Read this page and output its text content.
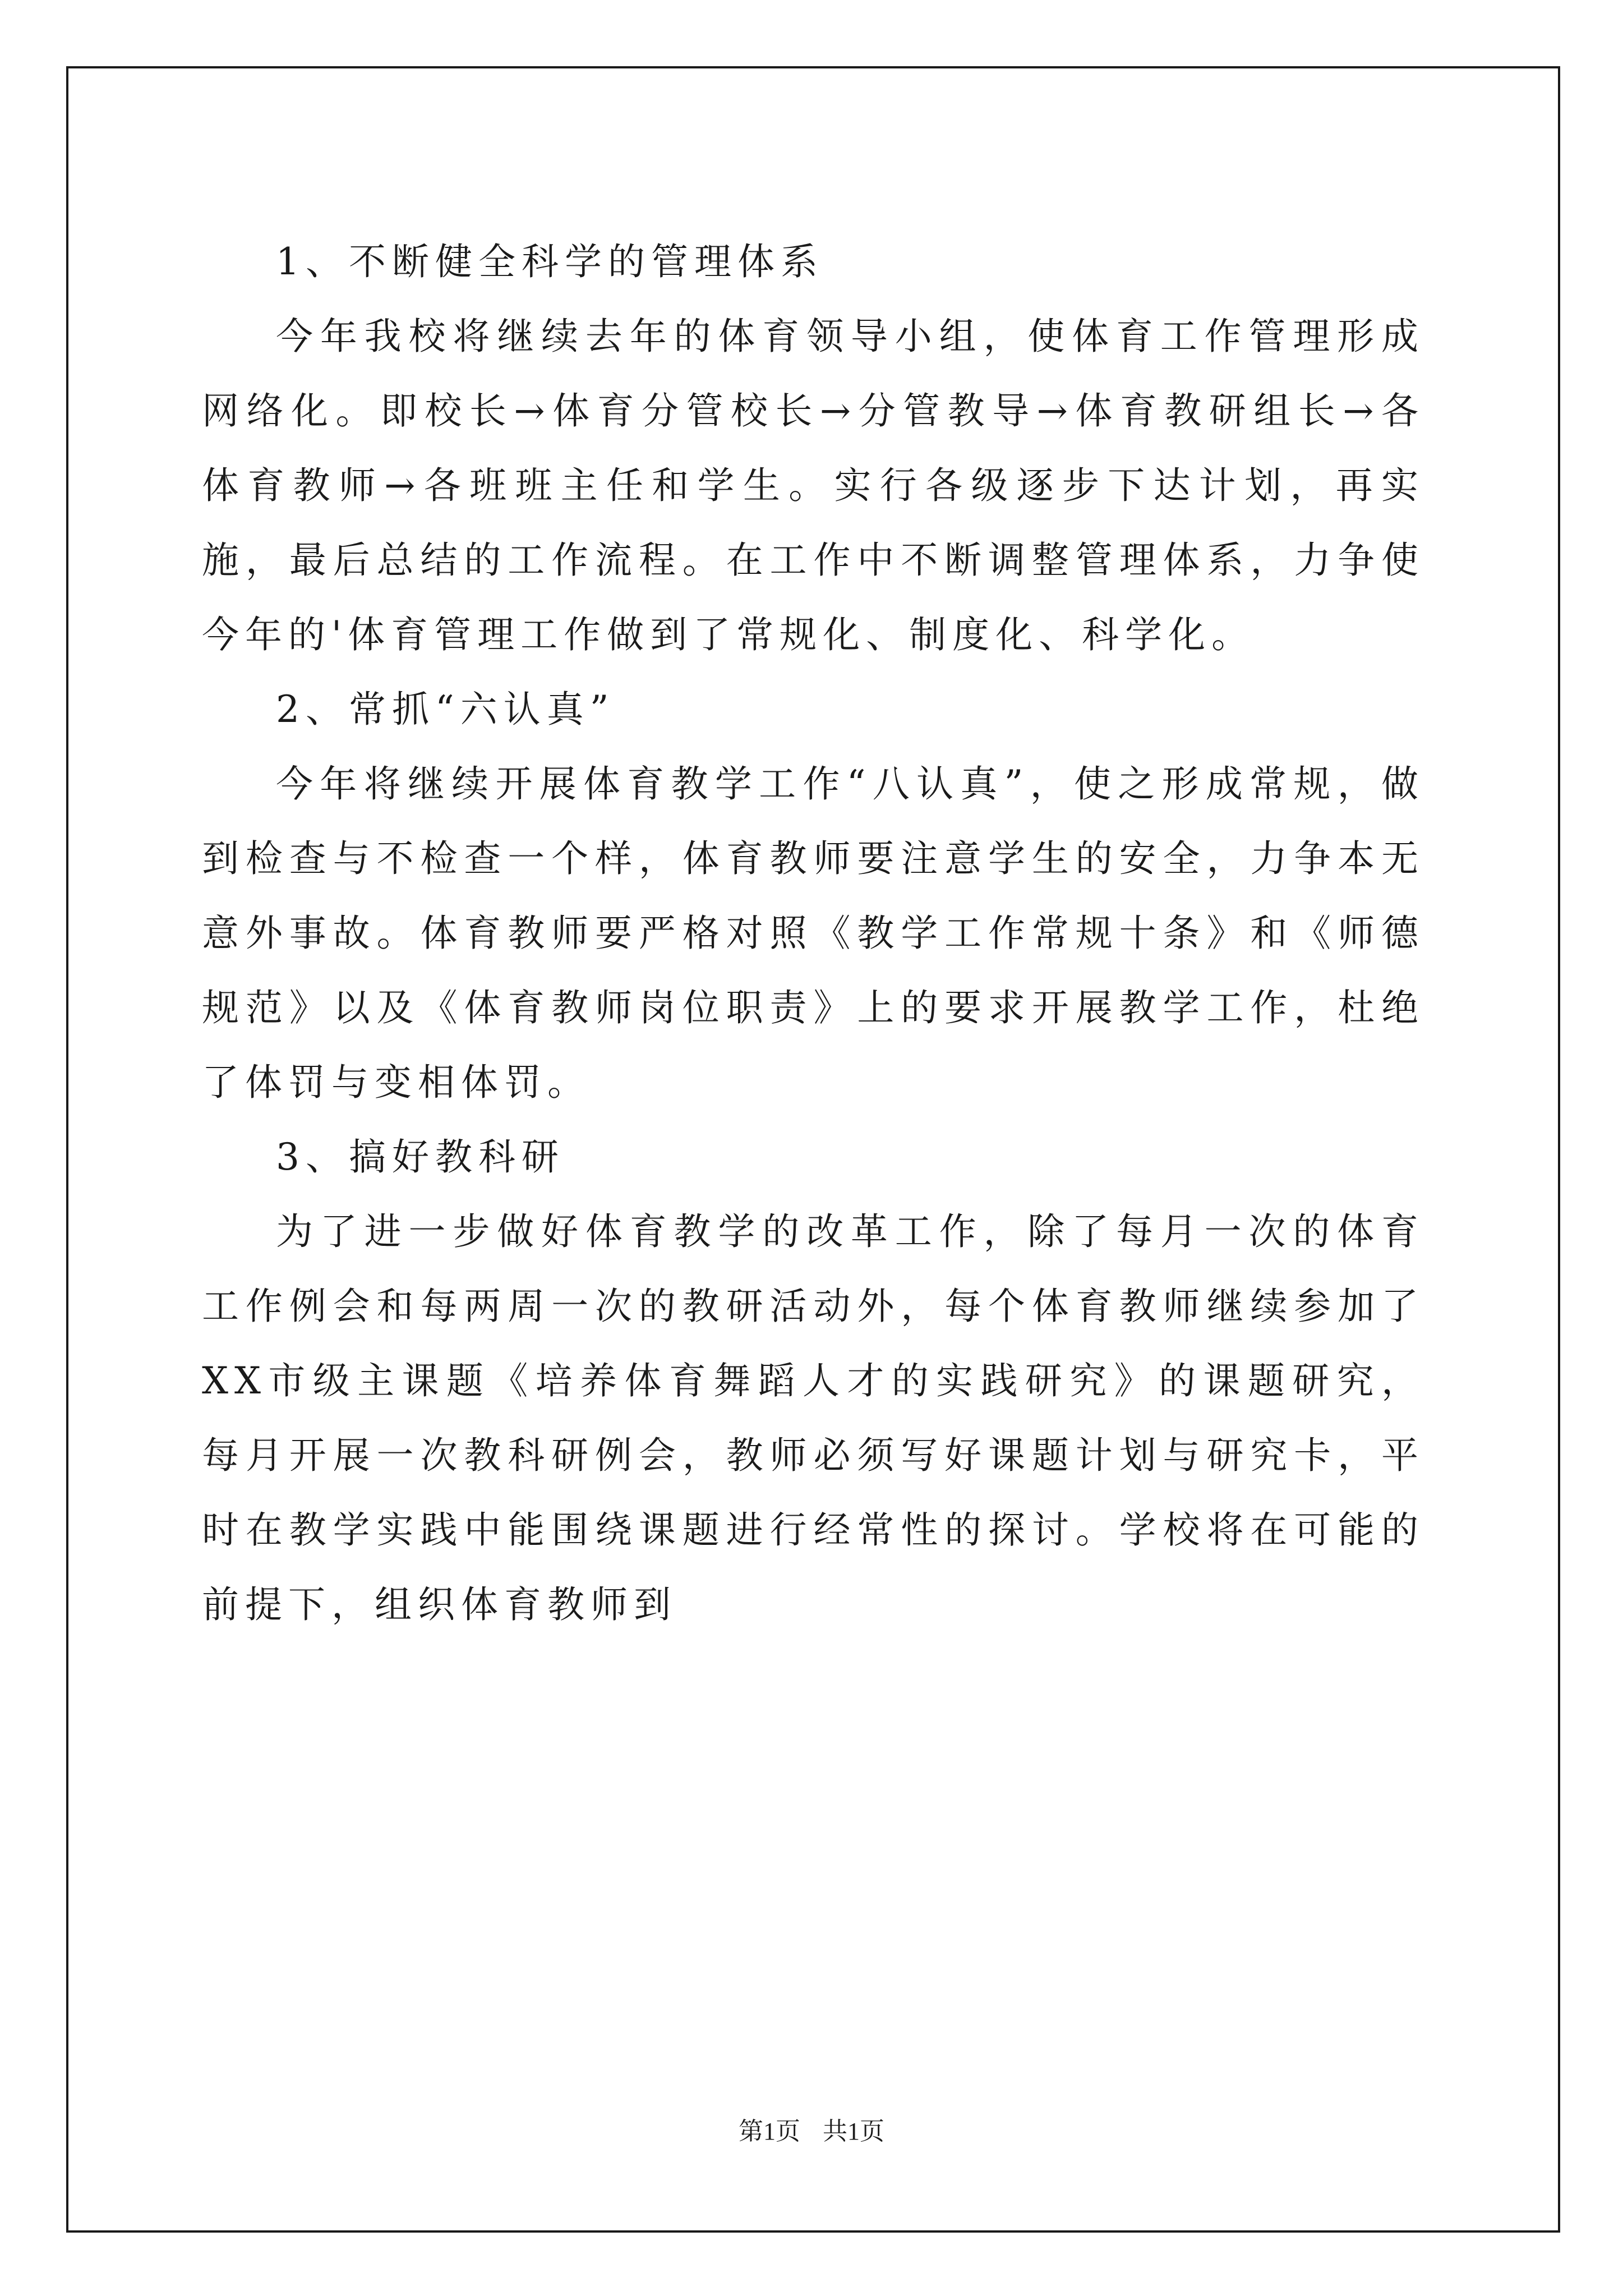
1、不断健全科学的管理体系

今年我校将继续去年的体育领导小组，使体育工作管理形成网络化。即校长→体育分管校长→分管教导→体育教研组长→各体育教师→各班班主任和学生。实行各级逐步下达计划，再实施，最后总结的工作流程。在工作中不断调整管理体系，力争使今年的'体育管理工作做到了常规化、制度化、科学化。

2、常抓“六认真”

今年将继续开展体育教学工作“八认真”，使之形成常规，做到检查与不检查一个样，体育教师要注意学生的安全，力争本无意外事故。体育教师要严格对照《教学工作常规十条》和《师德规范》以及《体育教师岗位职责》上的要求开展教学工作，杜绝了体罚与变相体罚。

3、搞好教科研

为了进一步做好体育教学的改革工作，除了每月一次的体育工作例会和每两周一次的教研活动外，每个体育教师继续参加了XX市级主课题《培养体育舞蹈人才的实践研究》的课题研究，每月开展一次教科研例会，教师必须写好课题计划与研究卡，平时在教学实践中能围绕课题进行经常性的探讨。学校将在可能的前提下，组织体育教师到

第1页 共1页
